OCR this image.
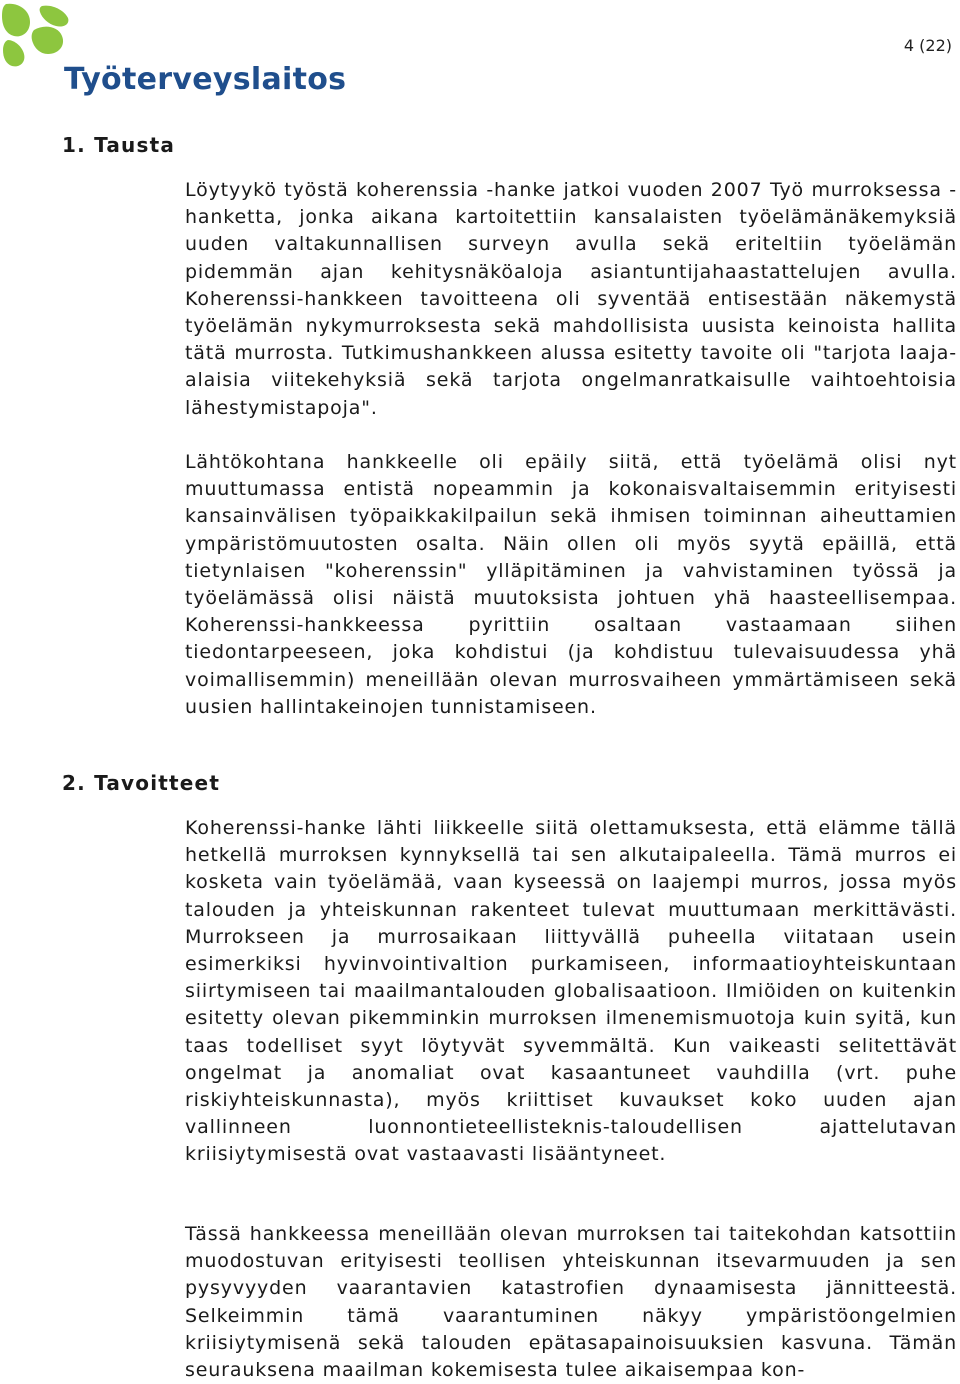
Työterveyslaitos
4 (22)
1. Tausta

Löytyykö työstä koherenssia -hanke jatkoi vuoden 2007 Työ murroksessa -hanketta, jonka aikana kartoitettiin kansalaisten työelämänäkemyksiä uuden valtakunnallisen surveyn avulla sekä eriteltiin työelämän pidemmän ajan kehitysnäköaloja asiantuntijahaastattelujen avulla. Koherenssi-hankkeen tavoitteena oli syventää entisestään näkemystä työelämän nykymurroksesta sekä mahdollisista uusista keinoista hallita tätä murrosta. Tutkimushankkeen alussa esitetty tavoite oli "tarjota laaja-alaisia viitekehyksiä sekä tarjota ongelmanratkaisulle vaihtoehtoisia lähestymistapoja".

Lähtökohtana hankkeelle oli epäily siitä, että työelämä olisi nyt muuttumassa entistä nopeammin ja kokonaisvaltaisemmin erityisesti kansainvälisen työpaikkakilpailun sekä ihmisen toiminnan aiheuttamien ympäristömuutosten osalta. Näin ollen oli myös syytä epäillä, että tietynlaisen "koherenssin" ylläpitäminen ja vahvistaminen työssä ja työelämässä olisi näistä muutoksista johtuen yhä haasteellisempaa. Koherenssi-hankkeessa pyrittiin osaltaan vastaamaan siihen tiedontarpeeseen, joka kohdistui (ja kohdistuu tulevaisuudessa yhä voimallisemmin) meneillään olevan murrosvaiheen ymmärtämiseen sekä uusien hallintakeinojen tunnistamiseen.

2. Tavoitteet

Koherenssi-hanke lähti liikkeelle siitä olettamuksesta, että elämme tällä hetkellä murroksen kynnyksellä tai sen alkutaipaleella. Tämä murros ei kosketa vain työelämää, vaan kyseessä on laajempi murros, jossa myös talouden ja yhteiskunnan rakenteet tulevat muuttumaan merkittävästi. Murrokseen ja murrosaikaan liittyvällä puheella viitataan usein esimerkiksi hyvinvointivaltion purkamiseen, informaatioyhteiskuntaan siirtymiseen tai maailmantalouden globalisaatioon. Ilmiöiden on kuitenkin esitetty olevan pikemminkin murroksen ilmenemismuotoja kuin syitä, kun taas todelliset syyt löytyvät syvemmältä. Kun vaikeasti selitettävät ongelmat ja anomaliat ovat kasaantuneet vauhdilla (vrt. puhe riskiyhteiskunnasta), myös kriittiset kuvaukset koko uuden ajan vallinneen luonnontieteellisteknis-taloudellisen ajattelutavan kriisiytymisestä ovat vastaavasti lisääntyneet.

Tässä hankkeessa meneillään olevan murroksen tai taitekohdan katsottiin muodostuvan erityisesti teollisen yhteiskunnan itsevarmuuden ja sen pysyvyyden vaarantavien katastrofien dynaamisesta jännitteestä. Selkeimmin tämä vaarantuminen näkyy ympäristöongelmien kriisiytymisenä sekä talouden epätasapainoisuuksien kasvuna. Tämän seurauksena maailman kokemisesta tulee aikaisempaa kon-
